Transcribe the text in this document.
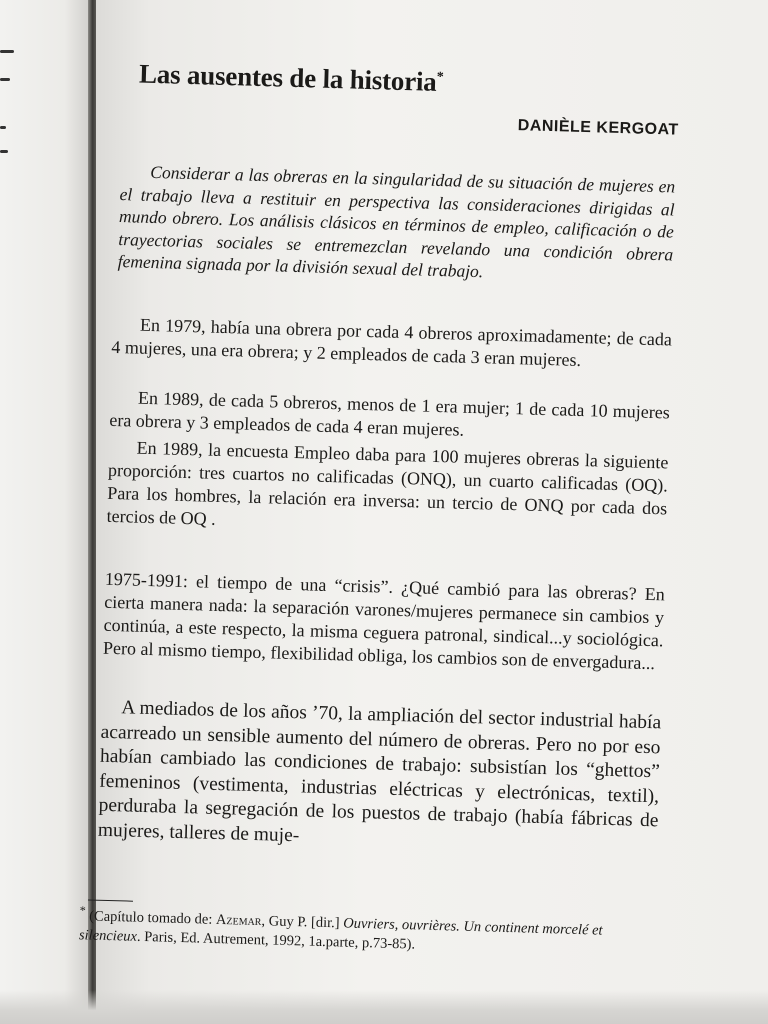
Las ausentes de la historia*
DANIÈLE KERGOAT

Considerar a las obreras en la singularidad de su situación de mujeres en el trabajo lleva a restituir en perspectiva las consideraciones dirigidas al mundo obrero. Los análisis clásicos en términos de empleo, calificación o de trayectorias sociales se entremezclan revelando una condición obrera femenina signada por la división sexual del trabajo.

En 1979, había una obrera por cada 4 obreros aproximadamente; de cada 4 mujeres, una era obrera; y 2 empleados de cada 3 eran mujeres.

En 1989, de cada 5 obreros, menos de 1 era mujer; 1 de cada 10 mujeres era obrera y 3 empleados de cada 4 eran mujeres.

En 1989, la encuesta Empleo daba para 100 mujeres obreras la siguiente proporción: tres cuartos no calificadas (ONQ), un cuarto calificadas (OQ). Para los hombres, la relación era inversa: un tercio de ONQ por cada dos tercios de OQ .

1975-1991: el tiempo de una “crisis”. ¿Qué cambió para las obreras? En cierta manera nada: la separación varones/mujeres permanece sin cambios y continúa, a este respecto, la misma ceguera patronal, sindical...y sociológica. Pero al mismo tiempo, flexibilidad obliga, los cambios son de envergadura...

A mediados de los años ’70, la ampliación del sector industrial había acarreado un sensible aumento del número de obreras. Pero no por eso habían cambiado las condiciones de trabajo: subsistían los “ghettos” femeninos (vestimenta, industrias eléctricas y electrónicas, textil), perduraba la segregación de los puestos de trabajo (había fábricas de mujeres, talleres de muje-

* (Capítulo tomado de: Azemar, Guy P. [dir.] Ouvriers, ouvrières. Un continent morcelé et silencieux. Paris, Ed. Autrement, 1992, 1a.parte, p.73-85).
